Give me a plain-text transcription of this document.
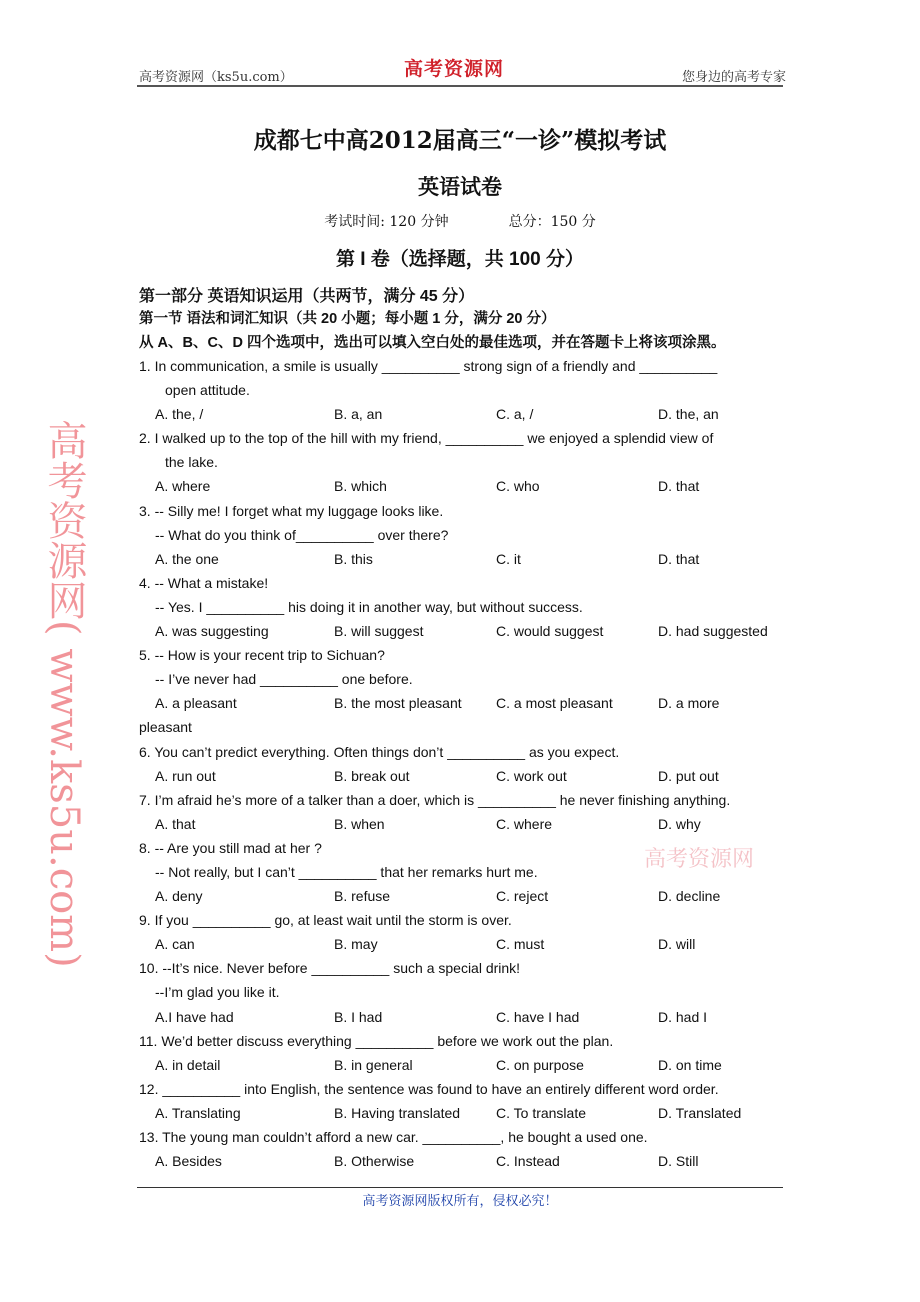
高考资源网（ks5u.com）	高考资源网	您身边的高考专家
成都七中高2012届高三“一诊”模拟考试
英语试卷
考试时间: 120 分钟	总分：150 分
第 I 卷（选择题，共 100 分）
第一部分 英语知识运用（共两节，满分 45 分）
第一节 语法和词汇知识（共 20 小题；每小题 1 分，满分 20 分）
从 A、B、C、D 四个选项中，选出可以填入空白处的最佳选项，并在答题卡上将该项涂黑。
1. In communication, a smile is usually __________ strong sign of a friendly and __________
open attitude.
A. the, /	B. a, an	C. a, /	D. the, an
2. I walked up to the top of the hill with my friend, __________ we enjoyed a splendid view of
the lake.
A. where	B. which	C. who	D. that
3. -- Silly me! I forget what my luggage looks like.
-- What do you think of__________ over there?
A. the one	B. this	C. it	D. that
4. -- What a mistake!
-- Yes. I __________ his doing it in another way, but without success.
A. was suggesting	B. will suggest	C. would suggest	D. had suggested
5. -- How is your recent trip to Sichuan?
-- I’ve never had __________ one before.
A. a pleasant	B. the most pleasant C. a most pleasant	D. a more
pleasant
6. You can’t predict everything. Often things don’t __________ as you expect.
A. run out	B. break out	C. work out	D. put out
7. I’m afraid he’s more of a talker than a doer, which is __________ he never finishing anything.
A. that	B. when	C. where	D. why
8. -- Are you still mad at her ?
-- Not really, but I can’t __________ that her remarks hurt me.
A. deny	B. refuse	C. reject	D. decline
9. If you __________ go, at least wait until the storm is over.
A. can	B. may	C. must	D. will
10. --It’s nice. Never before __________ such a special drink!
--I’m glad you like it.
A.I have had	B. I had	C. have I had	D. had I
11. We’d better discuss everything __________ before we work out the plan.
A. in detail	B. in general	C. on purpose	D. on time
12. __________ into English, the sentence was found to have an entirely different word order.
A. Translating	B. Having translated	C. To translate	D. Translated
13. The young man couldn’t afford a new car. __________, he bought a used one.
A. Besides	B. Otherwise	C. Instead	D. Still
高考资源网( www.ks5u.com)	高考资源网
高考资源网版权所有，侵权必究！
